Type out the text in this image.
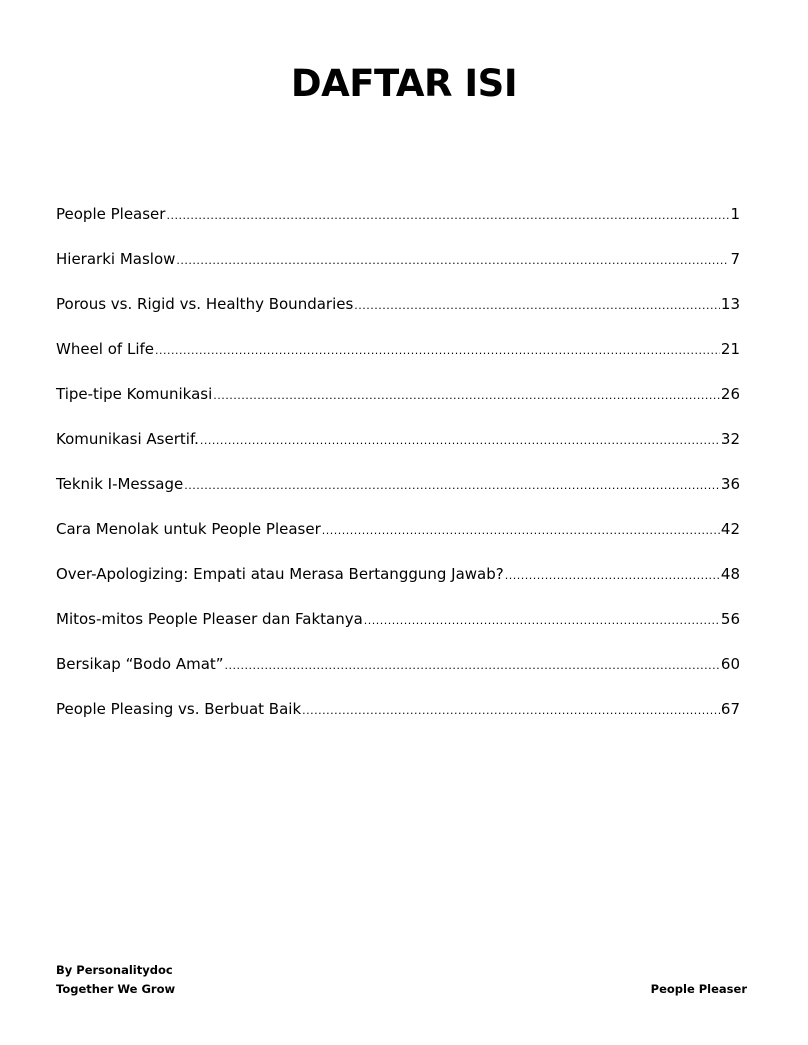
DAFTAR ISI
People Pleaser .....	1
Hierarki Maslow .....	7
Porous vs. Rigid vs. Healthy Boundaries .....	13
Wheel of Life .....	21
Tipe-tipe Komunikasi .....	26
Komunikasi Asertif. .....	32
Teknik I-Message .....	36
Cara Menolak untuk People Pleaser .....	42
Over-Apologizing: Empati atau Merasa Bertanggung Jawab? .....	48
Mitos-mitos People Pleaser dan Faktanya .....	56
Bersikap “Bodo Amat” .....	60
People Pleasing vs. Berbuat Baik .....	67
By Personalitydoc
Together We Grow	People Pleaser
